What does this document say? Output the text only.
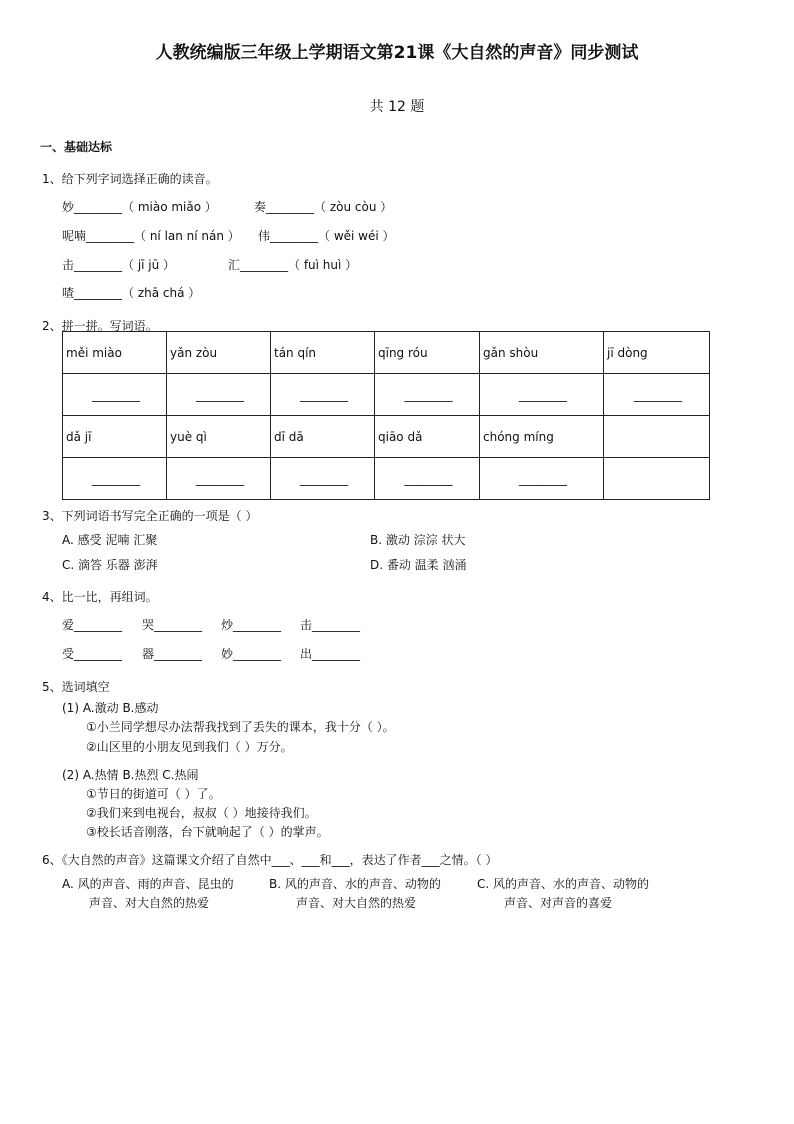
人教统编版三年级上学期语文第21课《大自然的声音》同步测试
共 12 题
一、基础达标
1、给下列字词选择正确的读音。
妙________（ miào miǎo ）	奏________（ zòu còu ）
呢喃________（ ní lan ní nán ） 伟________（ wěi wéi ）
击________（ jī jū ）	汇________（ fuì huì ）
喳________（ zhā chá ）
2、拼一拼。写词语。
měi miào	yǎn zòu	tán qín	qīng róu	gǎn shòu	jī dòng
________	________	________	________	________	________
dǎ jī	yuè qì	dī dā	qiāo dǎ	chóng míng	
________	________	________	________	________	
3、下列词语书写完全正确的一项是（ ）
A. 感受 泥喃 汇聚	B. 激动 淙淙 状大
C. 滴答 乐器 澎湃	D. 番动 温柔 汹涌
4、比一比，再组词。
爱________ 哭________ 炒________ 击________
受________ 器________ 妙________ 出________
5、选词填空
(1) A.激动 B.感动
①小兰同学想尽办法帮我找到了丢失的课本，我十分（ ）。
②山区里的小朋友见到我们（ ）万分。
(2) A.热情 B.热烈 C.热闹
①节日的街道可（ ）了。
②我们来到电视台，叔叔（ ）地接待我们。
③校长话音刚落，台下就响起了（ ）的掌声。
6、《大自然的声音》这篇课文介绍了自然中___、___和___，表达了作者___之情。（ ）
A. 风的声音、雨的声音、昆虫的
声音、对大自然的热爱
B. 风的声音、水的声音、动物的
声音、对大自然的热爱
C. 风的声音、水的声音、动物的
声音、对声音的喜爱
